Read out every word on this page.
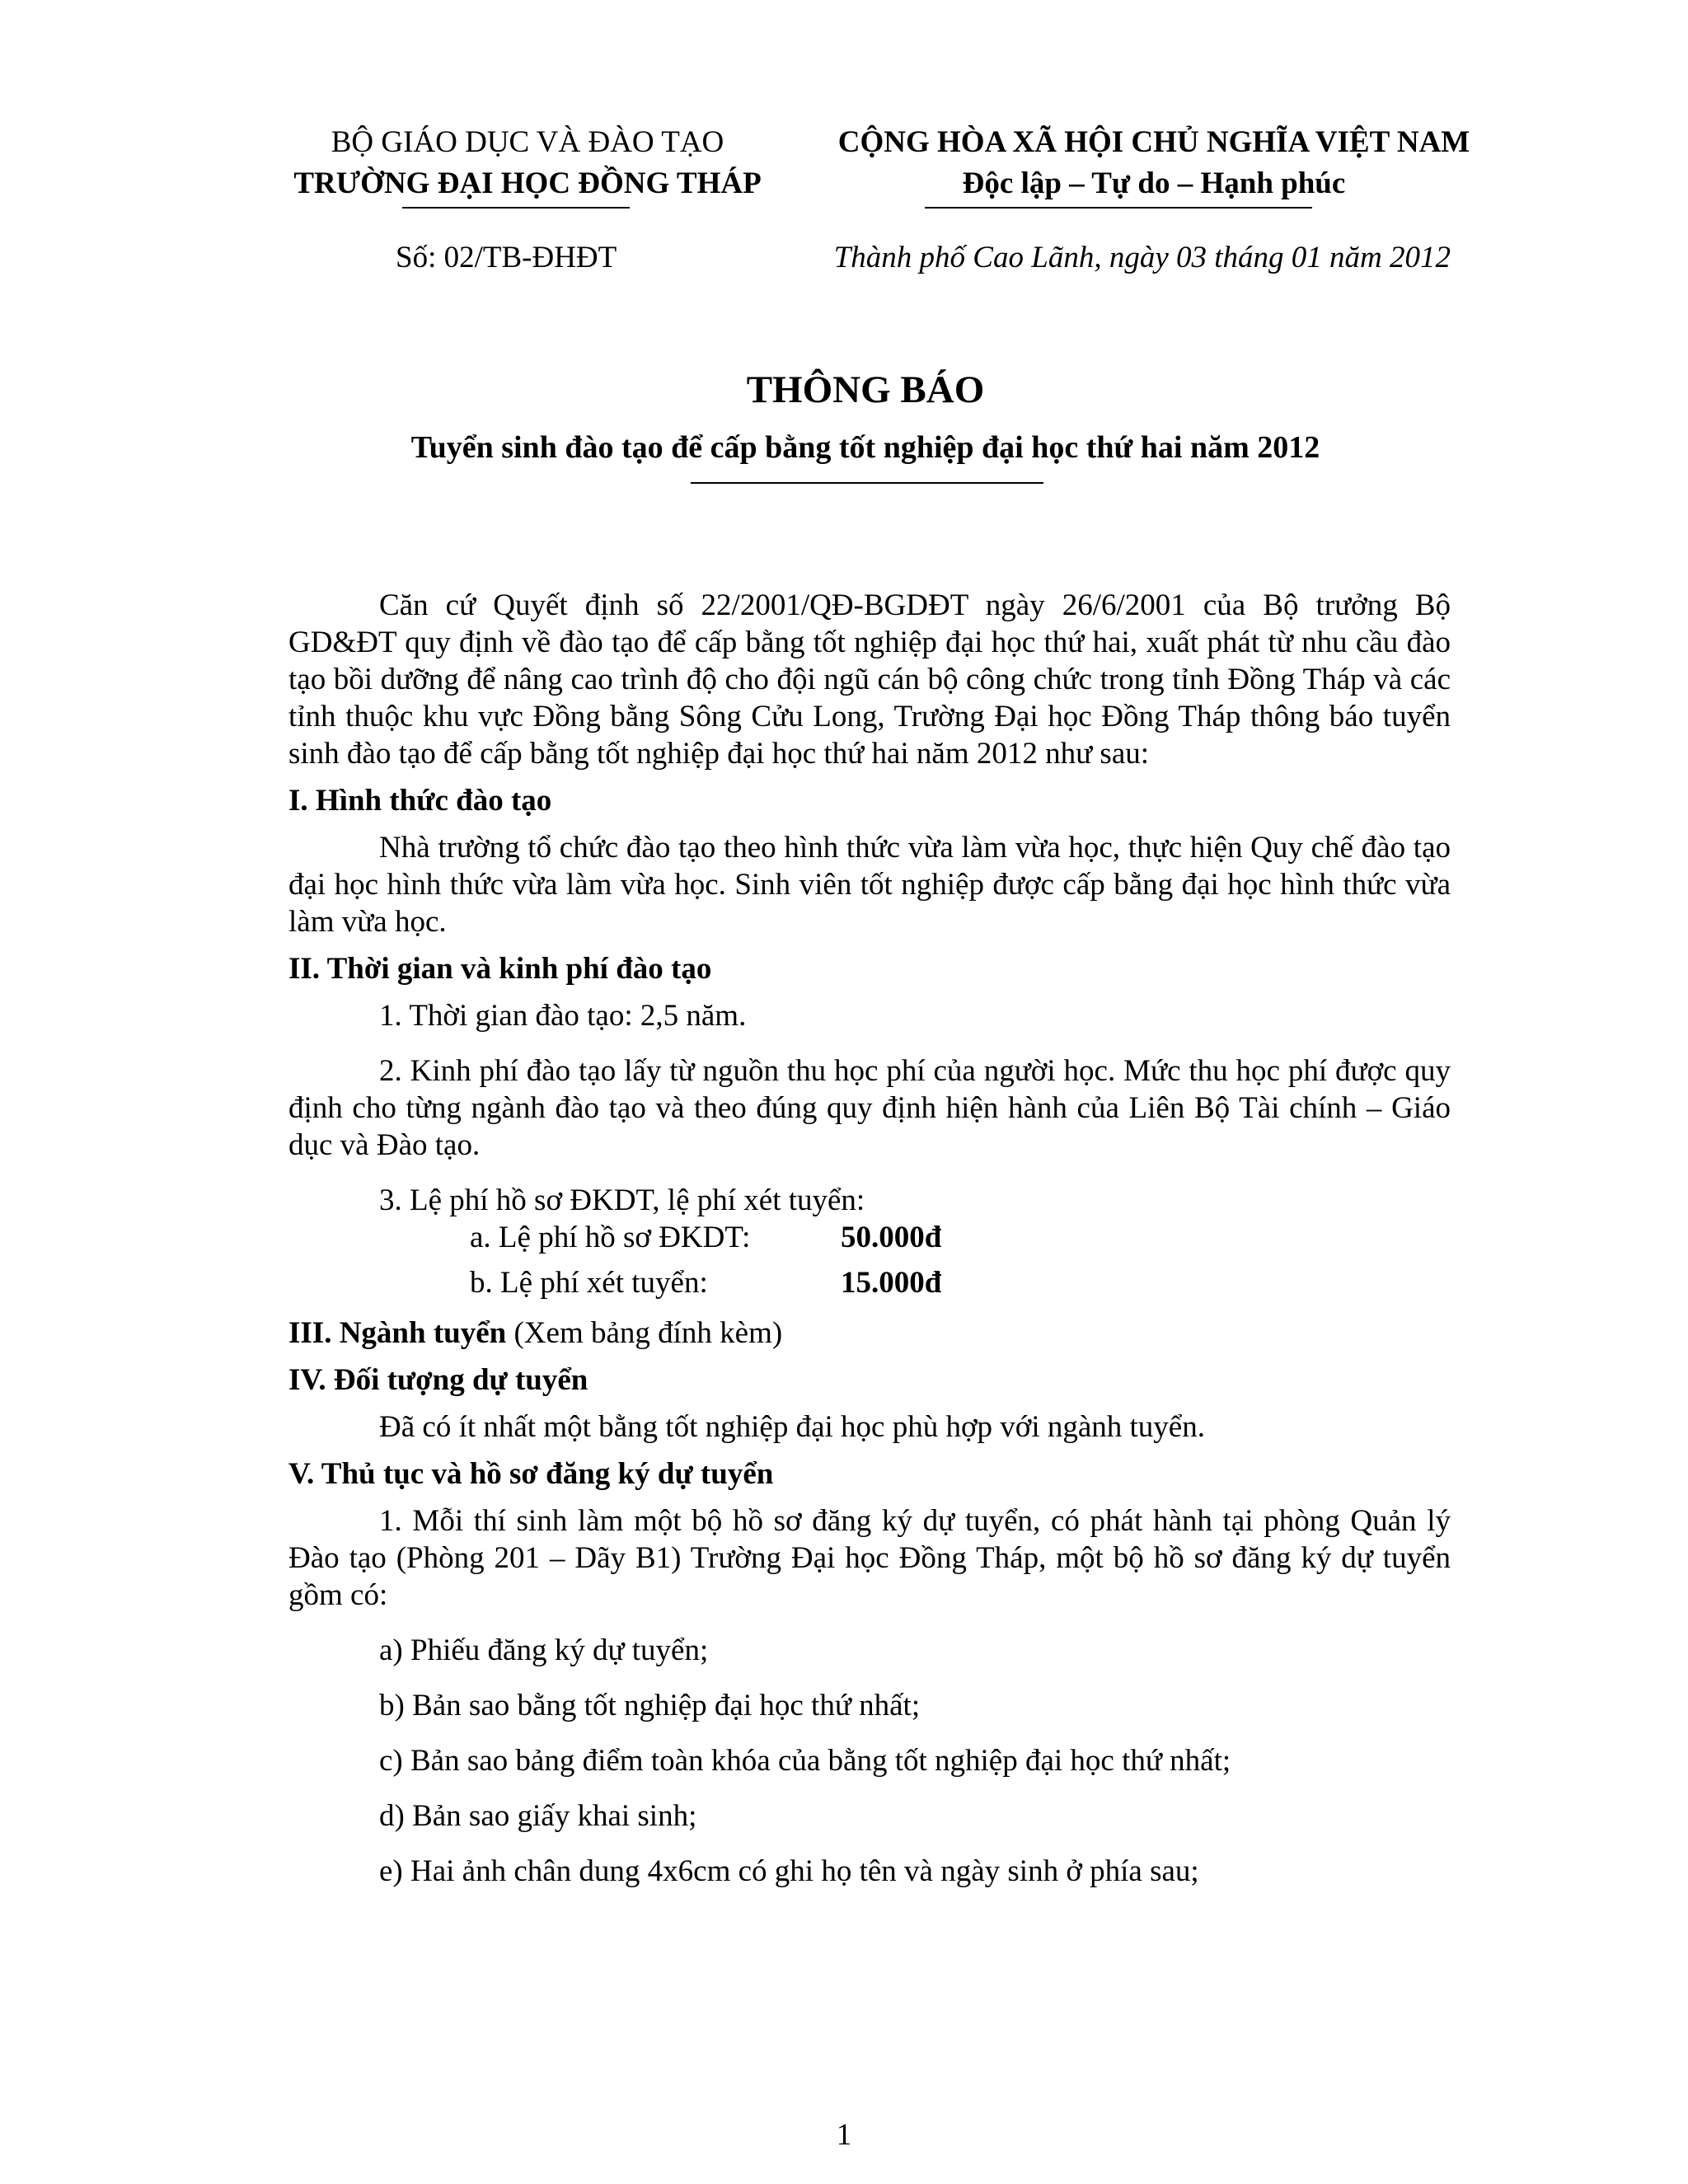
BỘ GIÁO DỤC VÀ ĐÀO TẠO
TRƯỜNG ĐẠI HỌC ĐỒNG THÁP
CỘNG HÒA XÃ HỘI CHỦ NGHĨA VIỆT NAM
Độc lập – Tự do – Hạnh phúc
Số: 02/TB-ĐHĐT	Thành phố Cao Lãnh, ngày 03 tháng 01 năm 2012
THÔNG BÁO
Tuyển sinh đào tạo để cấp bằng tốt nghiệp đại học thứ hai năm 2012

Căn cứ Quyết định số 22/2001/QĐ-BGDĐT ngày 26/6/2001 của Bộ trưởng Bộ GD&ĐT quy định về đào tạo để cấp bằng tốt nghiệp đại học thứ hai, xuất phát từ nhu cầu đào tạo bồi dưỡng để nâng cao trình độ cho đội ngũ cán bộ công chức trong tỉnh Đồng Tháp và các tỉnh thuộc khu vực Đồng bằng Sông Cửu Long, Trường Đại học Đồng Tháp thông báo tuyển sinh đào tạo để cấp bằng tốt nghiệp đại học thứ hai năm 2012 như sau:

I. Hình thức đào tạo

Nhà trường tổ chức đào tạo theo hình thức vừa làm vừa học, thực hiện Quy chế đào tạo đại học hình thức vừa làm vừa học. Sinh viên tốt nghiệp được cấp bằng đại học hình thức vừa làm vừa học.

II. Thời gian và kinh phí đào tạo

1. Thời gian đào tạo: 2,5 năm.

2. Kinh phí đào tạo lấy từ nguồn thu học phí của người học. Mức thu học phí được quy định cho từng ngành đào tạo và theo đúng quy định hiện hành của Liên Bộ Tài chính – Giáo dục và Đào tạo.

3. Lệ phí hồ sơ ĐKDT, lệ phí xét tuyển:

a. Lệ phí hồ sơ ĐKDT:	50.000đ
b. Lệ phí xét tuyển:	15.000đ

III. Ngành tuyển (Xem bảng đính kèm)

IV. Đối tượng dự tuyển

Đã có ít nhất một bằng tốt nghiệp đại học phù hợp với ngành tuyển.

V. Thủ tục và hồ sơ đăng ký dự tuyển

1. Mỗi thí sinh làm một bộ hồ sơ đăng ký dự tuyển, có phát hành tại phòng Quản lý Đào tạo (Phòng 201 – Dãy B1) Trường Đại học Đồng Tháp, một bộ hồ sơ đăng ký dự tuyển gồm có:

a) Phiếu đăng ký dự tuyển;

b) Bản sao bằng tốt nghiệp đại học thứ nhất;

c) Bản sao bảng điểm toàn khóa của bằng tốt nghiệp đại học thứ nhất;

d) Bản sao giấy khai sinh;

e) Hai ảnh chân dung 4x6cm có ghi họ tên và ngày sinh ở phía sau;

1
